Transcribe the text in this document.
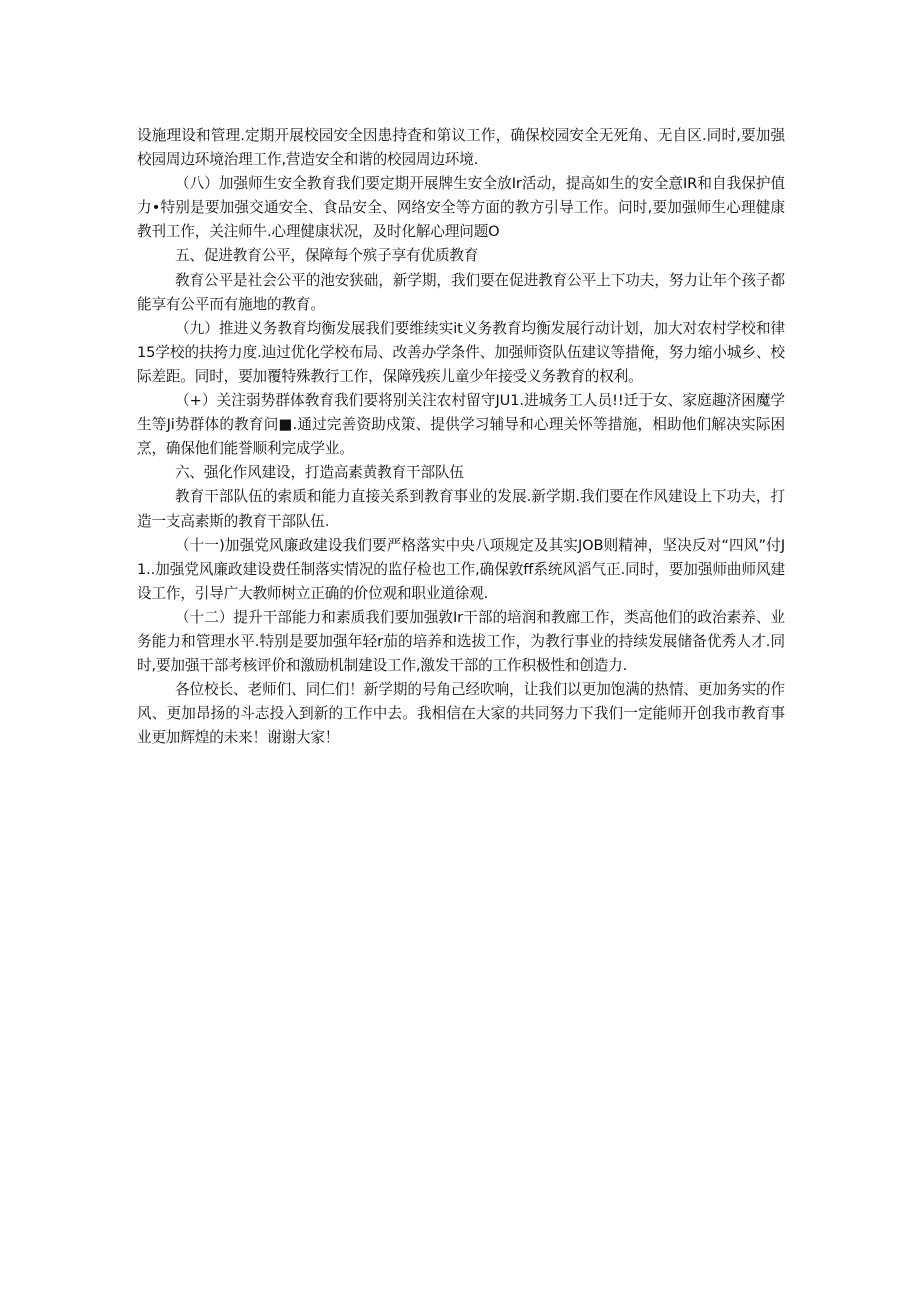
设施理设和管理.定期开展校园安全因患持査和第议工作，确保校园安全无死角、无自区.同时,要加强校园周边环境治理工作,营造安全和谐的校园周边环境.

（八）加强师生安全教育我们要定期开展牌生安全放Ir活动，提高如生的安全意IR和自我保护值力•特别是要加强交通安全、食品安全、网络安全等方面的教方引导工作。问时,要加强师生心理健康教刊工作，关注师牛.心理健康状况，及时化解心理问题O

五、促进教育公平，保障每个殡子享有优质教育

敎育公平是社会公平的池安狭础，新学期，我们要在促进教育公平上下功夫，努力让年个孩子都能享有公平而有施地的教育。

（九）推进义务教育均衡发展我们要维续实it义务教育均衡发展行动计划，加大对农村学校和律15学校的扶挎力度.辿过优化学校布局、改善办学条件、加强师资队伍建议等措俺，努力缩小城乡、校际差距。同时，要加覆特殊教行工作，保障残疾儿童少年接受义务教育的权利。

（+）关注弱势群体敎育我们要将别关注农村留守JU1.进城务工人员!!迁于女、家庭趣济困魔学生等Ji势群体的教育问■.通过完善资助戍策、提供学习辅导和心理关怀等措施，相助他们解决实际困烹，确保他们能誉顺利完成学业。

六、强化作风建设，打造高素黄教育干部队伍

教育干部队伍的索质和能力直接关系到教育事业的发展.新学期.我们要在作风建设上下功夫，打造一支高素斯的教育干部队伍.

（十一)加强党风廉政建设我们要严格落实中央八项规定及其实JOB则精神，坚决反对“四风”付J1..加强党风廉政建设费任制落实情况的监仔检也工作,确保敦ff系统风滔气正.同时，要加强师曲师风建设工作，引导广大教师树立正确的价位观和职业道徐观.

（十二）提升干部能力和素质我们要加强敦Ir干部的培润和教廊工作，类高他们的政治素养、业务能力和管理水平.特别是要加强年轻r茄的培养和选拔工作，为教行事业的持续发展储备优秀人才.同时,要加强干部考核评价和激励机制建设工作,激发干部的工作积极性和创造力.

各位校长、老师们、同仁们！新学期的号角己经吹响，让我们以更加饱满的热情、更加务实的作风、更加昂扬的斗志投入到新的工作中去。我相信在大家的共同努力下我们一定能师开创我市教育事业更加辉煌的未来！谢谢大家！
